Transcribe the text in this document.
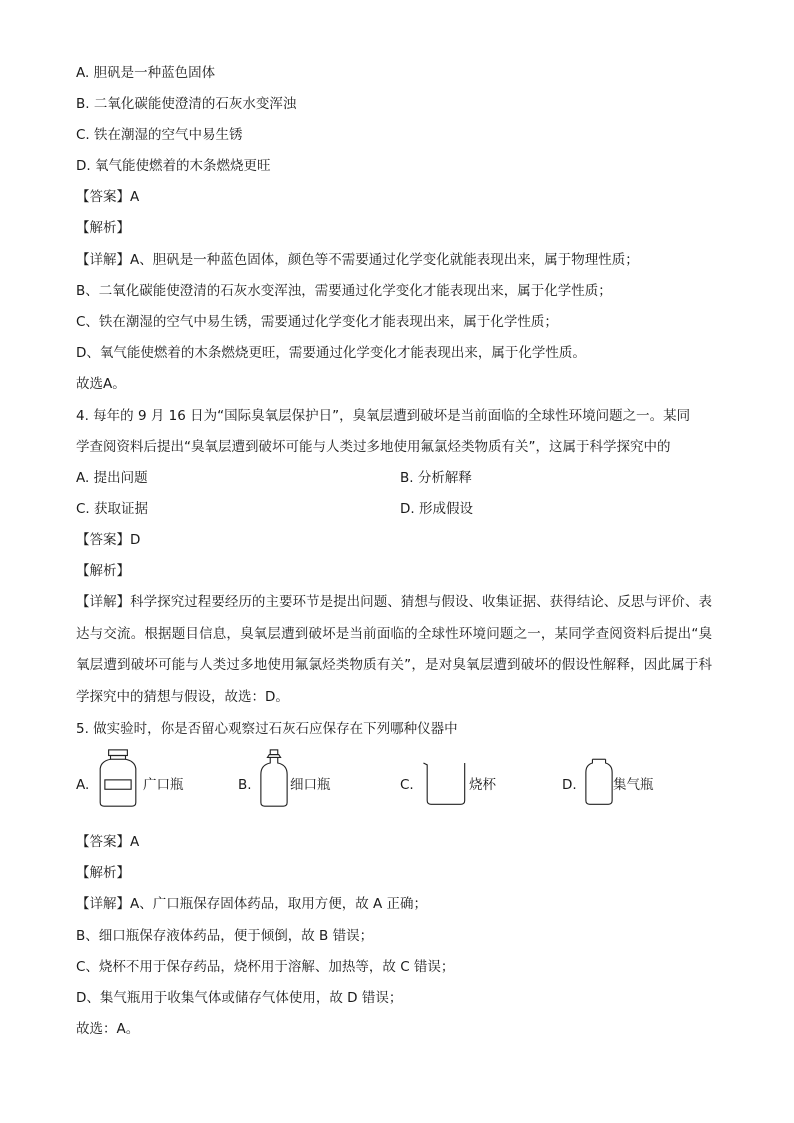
A. 胆矾是一种蓝色固体
B. 二氧化碳能使澄清的石灰水变浑浊
C. 铁在潮湿的空气中易生锈
D. 氧气能使燃着的木条燃烧更旺
【答案】A
【解析】
【详解】A、胆矾是一种蓝色固体，颜色等不需要通过化学变化就能表现出来，属于物理性质；
B、二氧化碳能使澄清的石灰水变浑浊，需要通过化学变化才能表现出来，属于化学性质；
C、铁在潮湿的空气中易生锈，需要通过化学变化才能表现出来，属于化学性质；
D、氧气能使燃着的木条燃烧更旺，需要通过化学变化才能表现出来，属于化学性质。
故选A。
4. 每年的 9 月 16 日为“国际臭氧层保护日”，臭氧层遭到破坏是当前面临的全球性环境问题之一。某同
学查阅资料后提出“臭氧层遭到破坏可能与人类过多地使用氟氯烃类物质有关”，这属于科学探究中的
A. 提出问题	B. 分析解释
C. 获取证据	D. 形成假设
【答案】D
【解析】
【详解】科学探究过程要经历的主要环节是提出问题、猜想与假设、收集证据、获得结论、反思与评价、表达与交流。根据题目信息，臭氧层遭到破坏是当前面临的全球性环境问题之一，某同学查阅资料后提出“臭氧层遭到破坏可能与人类过多地使用氟氯烃类物质有关”，是对臭氧层遭到破坏的假设性解释，因此属于科学探究中的猜想与假设，故选：D。
5. 做实验时，你是否留心观察过石灰石应保存在下列哪种仪器中
A.	广口瓶	B.	细口瓶	C.	烧杯	D.	集气瓶
【答案】A
【解析】
【详解】A、广口瓶保存固体药品，取用方便，故 A 正确；
B、细口瓶保存液体药品，便于倾倒，故 B 错误；
C、烧杯不用于保存药品，烧杯用于溶解、加热等，故 C 错误；
D、集气瓶用于收集气体或储存气体使用，故 D 错误；
故选：A。
